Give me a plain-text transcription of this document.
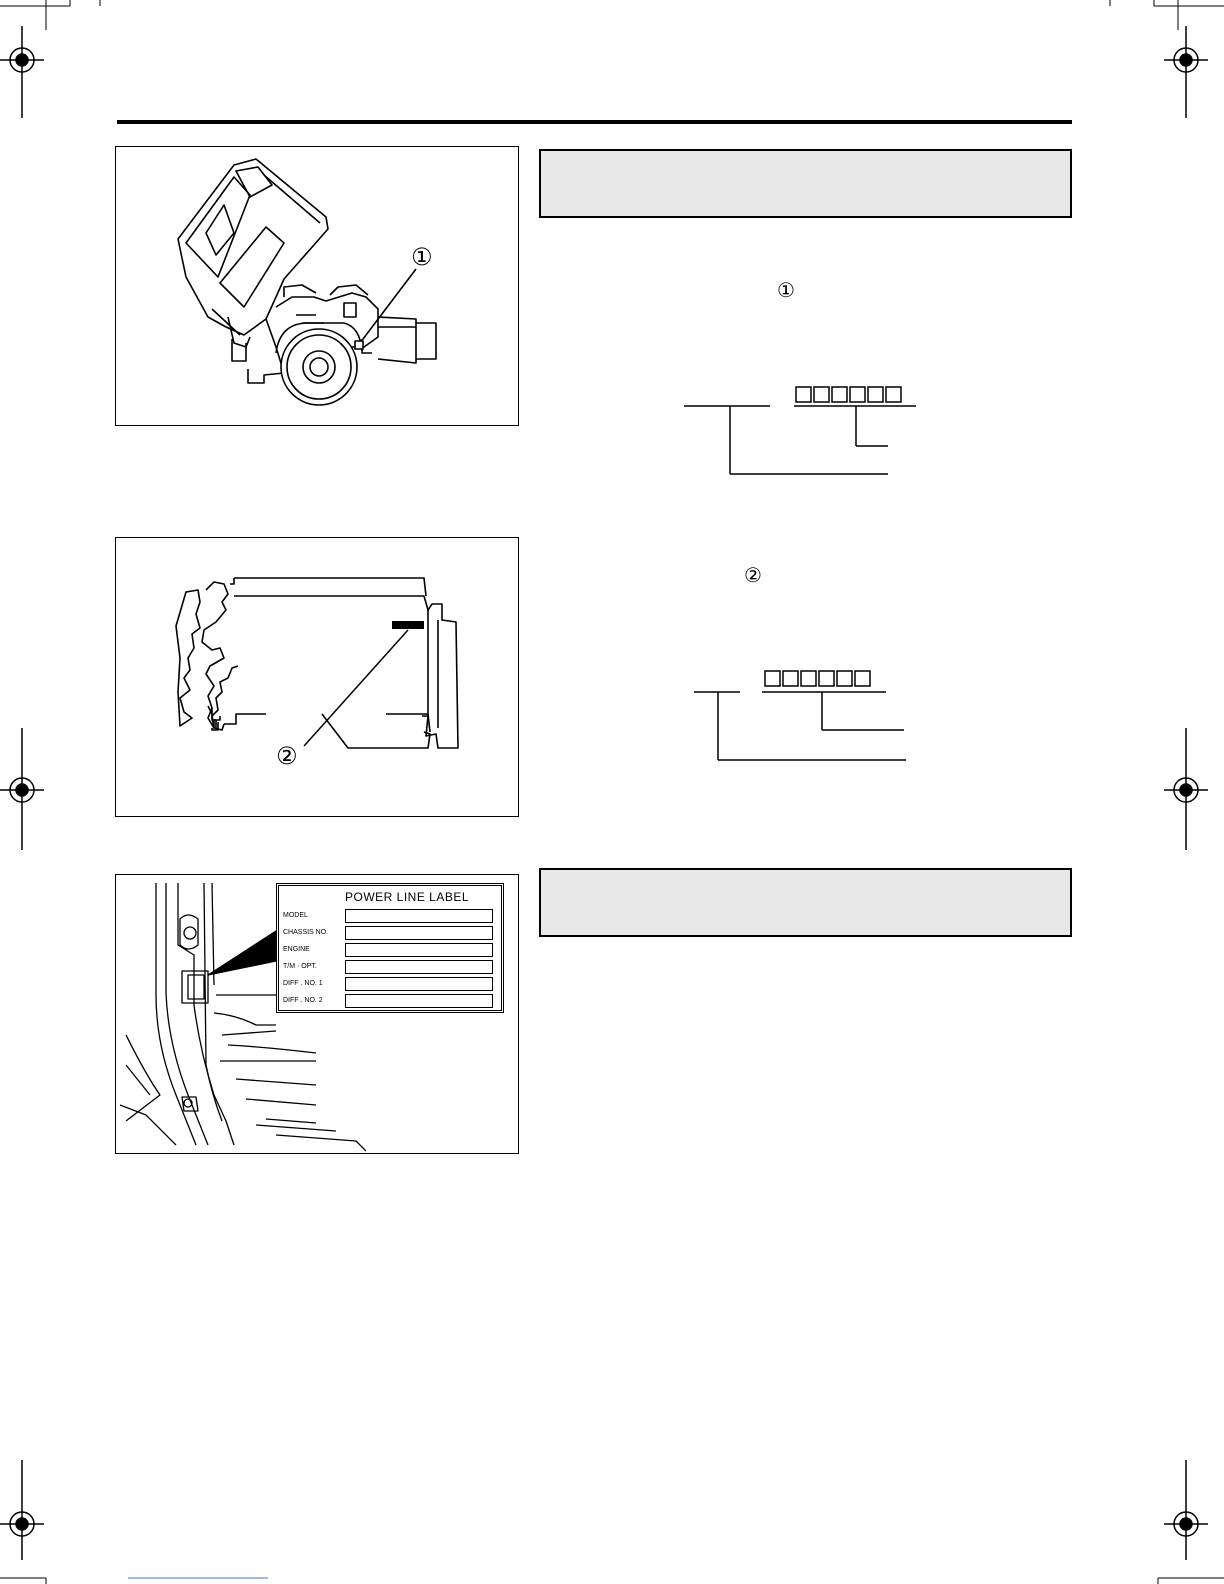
①
①
②
②
POWER LINE LABEL
MODEL
CHASSIS NO.
ENGINE
T/M · OPT.
DIFF . NO. 1
DIFF . NO. 2
